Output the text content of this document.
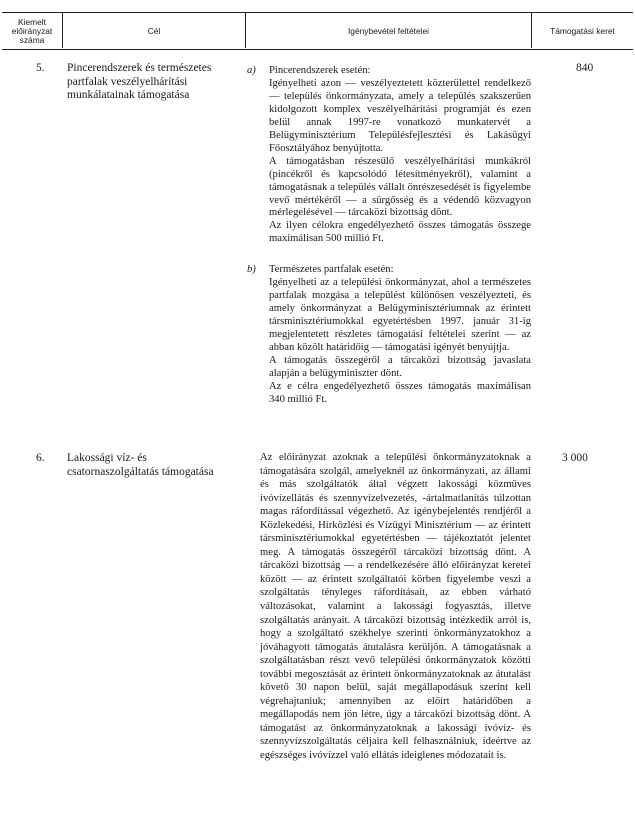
Kiemelt
előirányzat
száma
Cél	Igénybevétel feltételei	Támogatási keret
5. Pincerendszerek és természetes partfalak veszélyelhárítási munkálatainak támogatása
840
a) Pincerendszerek esetén:

Igényelheti azon — veszélyeztetett közterülettel rendelkező — település önkormányzata, amely a település szakszerűen kidolgozott komplex veszélyelhárítási programját és ezen belül annak 1997-re vonatkozó munkatervét a Belügyminisztérium Településfejlesztési és Lakásügyi Főosztályához benyújtotta.

A támogatásban részesülő veszélyelhárítási munkákról (pincékről és kapcsolódó létesítményekről), valamint a támogatásnak a település vállalt önrészesedését is figyelembe vevő mértékéről — a sürgősség és a védendő közvagyon mérlegelésével — tárcaközi bizottság dönt.

Az ilyen célokra engedélyezhető összes támogatás összege maximálisan 500 millió Ft.

b) Természetes partfalak esetén:

Igényelheti az a települési önkormányzat, ahol a természetes partfalak mozgása a települést különösen veszélyezteti, és amely önkormányzat a Belügyminisztériumnak az érintett társminisztériumokkal egyetértésben 1997. január 31-ig megjelentetett részletes támogatási feltételei szerint — az abban közölt határidőig — támogatási igényét benyújtja.

A támogatás összegéről a tárcaközi bizottság javaslata alapján a belügyminiszter dönt.

Az e célra engedélyezhető összes támogatás maximálisan 340 millió Ft.

6. Lakossági víz- és csatornaszolgáltatás támogatása
3 000
Az előirányzat azoknak a települési önkormányzatoknak a támogatására szolgál, amelyeknél az önkormányzati, az állami és más szolgáltatók által végzett lakossági közműves ivóvízellátás és szennyvízelvezetés, -ártalmatlanítás túlzottan magas ráfordítással végezhető. Az igénybejelentés rendjéről a Közlekedési, Hírközlési és Vízügyi Minisztérium — az érintett társminisztériumokkal egyetértésben — tájékoztatót jelentet meg. A támogatás összegéről tárcaközi bizottság dönt. A tárcaközi bizottság — a rendelkezésére álló előirányzat keretei között — az érintett szolgáltatói körben figyelembe veszi a szolgáltatás tényleges ráfordításait, az ebben várható változásokat, valamint a lakossági fogyasztás, illetve szolgáltatás arányait. A tárcaközi bizottság intézkedik arról is, hogy a szolgáltató székhelye szerinti önkormányzatokhoz a jóváhagyott támogatás átutalásra kerüljön. A támogatásnak a szolgáltatásban részt vevő települési önkormányzatok közötti további megosztását az érintett önkormányzatoknak az átutalást követő 30 napon belül, saját megállapodásuk szerint kell végrehajtaniuk; amennyiben az előírt határidőben a megállapodás nem jön létre, úgy a tárcaközi bizottság dönt. A támogatást az önkormányzatoknak a lakossági ivóvíz- és szennyvízszolgáltatás céljaira kell felhasználniuk, ideértve az egészséges ivóvízzel való ellátás ideiglenes módozatait is.
